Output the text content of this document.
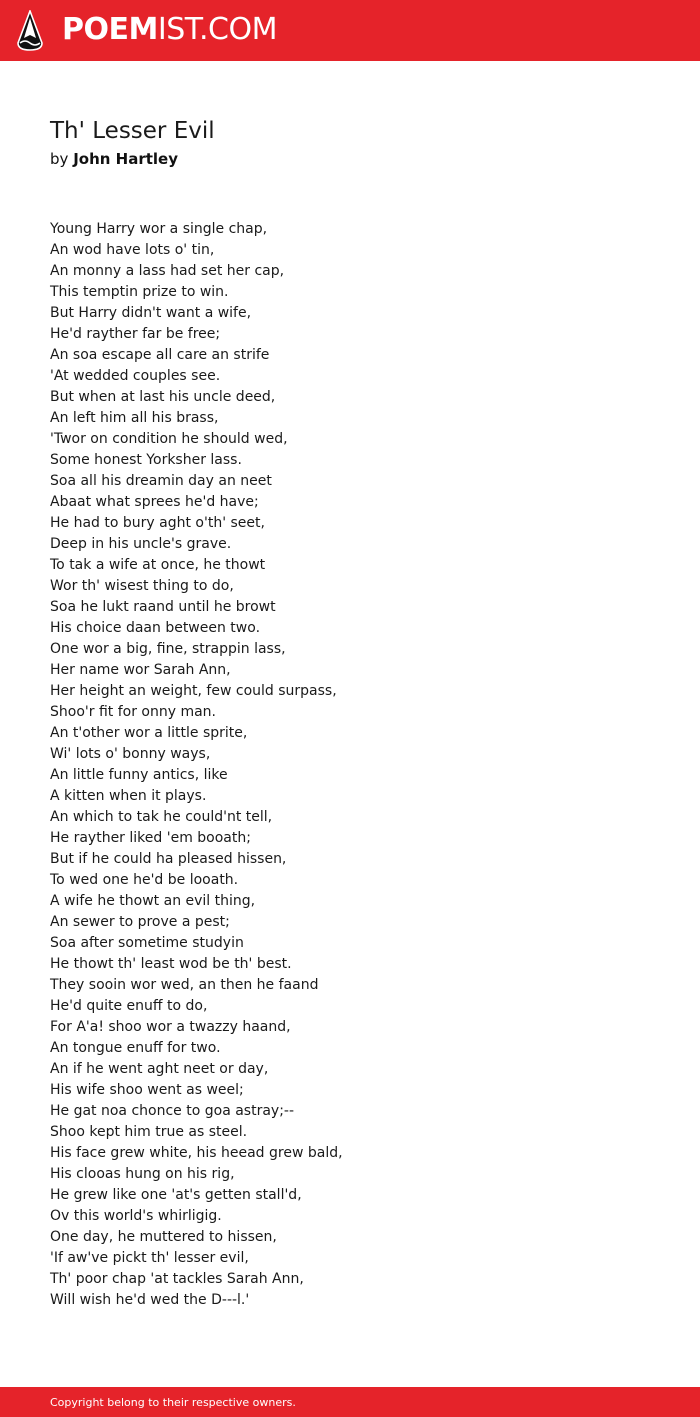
POEMIST.COM
Th' Lesser Evil
by John Hartley
Young Harry wor a single chap,
An wod have lots o' tin,
An monny a lass had set her cap,
This temptin prize to win.
But Harry didn't want a wife,
He'd rayther far be free;
An soa escape all care an strife
'At wedded couples see.
But when at last his uncle deed,
An left him all his brass,
'Twor on condition he should wed,
Some honest Yorksher lass.
Soa all his dreamin day an neet
Abaat what sprees he'd have;
He had to bury aght o'th' seet,
Deep in his uncle's grave.
To tak a wife at once, he thowt
Wor th' wisest thing to do,
Soa he lukt raand until he browt
His choice daan between two.
One wor a big, fine, strappin lass,
Her name wor Sarah Ann,
Her height an weight, few could surpass,
Shoo'r fit for onny man.
An t'other wor a little sprite,
Wi' lots o' bonny ways,
An little funny antics, like
A kitten when it plays.
An which to tak he could'nt tell,
He rayther liked 'em booath;
But if he could ha pleased hissen,
To wed one he'd be looath.
A wife he thowt an evil thing,
An sewer to prove a pest;
Soa after sometime studyin
He thowt th' least wod be th' best.
They sooin wor wed, an then he faand
He'd quite enuff to do,
For A'a! shoo wor a twazzy haand,
An tongue enuff for two.
An if he went aght neet or day,
His wife shoo went as weel;
He gat noa chonce to goa astray;--
Shoo kept him true as steel.
His face grew white, his heead grew bald,
His clooas hung on his rig,
He grew like one 'at's getten stall'd,
Ov this world's whirligig.
One day, he muttered to hissen,
'If aw've pickt th' lesser evil,
Th' poor chap 'at tackles Sarah Ann,
Will wish he'd wed the D---l.'
Copyright belong to their respective owners.
